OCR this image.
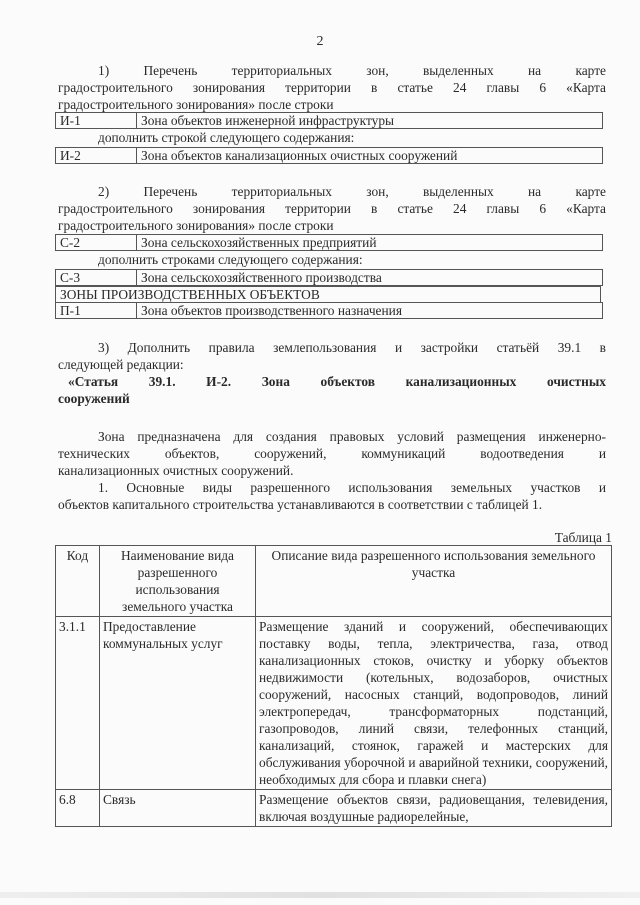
2
1) Перечень территориальных зон, выделенных на карте
градостроительного зонирования территории в статье 24 главы 6 «Карта
градостроительного зонирования» после строки
И-1	Зона объектов инженерной инфраструктуры
дополнить строкой следующего содержания:
И-2	Зона объектов канализационных очистных сооружений
2) Перечень территориальных зон, выделенных на карте
градостроительного зонирования территории в статье 24 главы 6 «Карта
градостроительного зонирования» после строки
С-2	Зона сельскохозяйственных предприятий
дополнить строками следующего содержания:
С-3	Зона сельскохозяйственного производства
ЗОНЫ ПРОИЗВОДСТВЕННЫХ ОБЪЕКТОВ
П-1	Зона объектов производственного назначения
3) Дополнить правила землепользования и застройки статьёй 39.1 в
следующей редакции:
«Статья 39.1. И-2. Зона объектов канализационных очистных
сооружений
Зона предназначена для создания правовых условий размещения инженерно-
технических объектов, сооружений, коммуникаций водоотведения и
канализационных очистных сооружений.
1. Основные виды разрешенного использования земельных участков и
объектов капитального строительства устанавливаются в соответствии с таблицей 1.
Таблица 1
Код	Наименование вида разрешенного использования земельного участка	Описание вида разрешенного использования земельного участка
3.1.1	Предоставление коммунальных услуг	Размещение зданий и сооружений, обеспечивающих поставку воды, тепла, электричества, газа, отвод канализационных стоков, очистку и уборку объектов недвижимости (котельных, водозаборов, очистных сооружений, насосных станций, водопроводов, линий электропередач, трансформаторных подстанций, газопроводов, линий связи, телефонных станций, канализаций, стоянок, гаражей и мастерских для обслуживания уборочной и аварийной техники, сооружений, необходимых для сбора и плавки снега)
6.8	Связь	Размещение объектов связи, радиовещания, телевидения, включая воздушные радиорелейные,
